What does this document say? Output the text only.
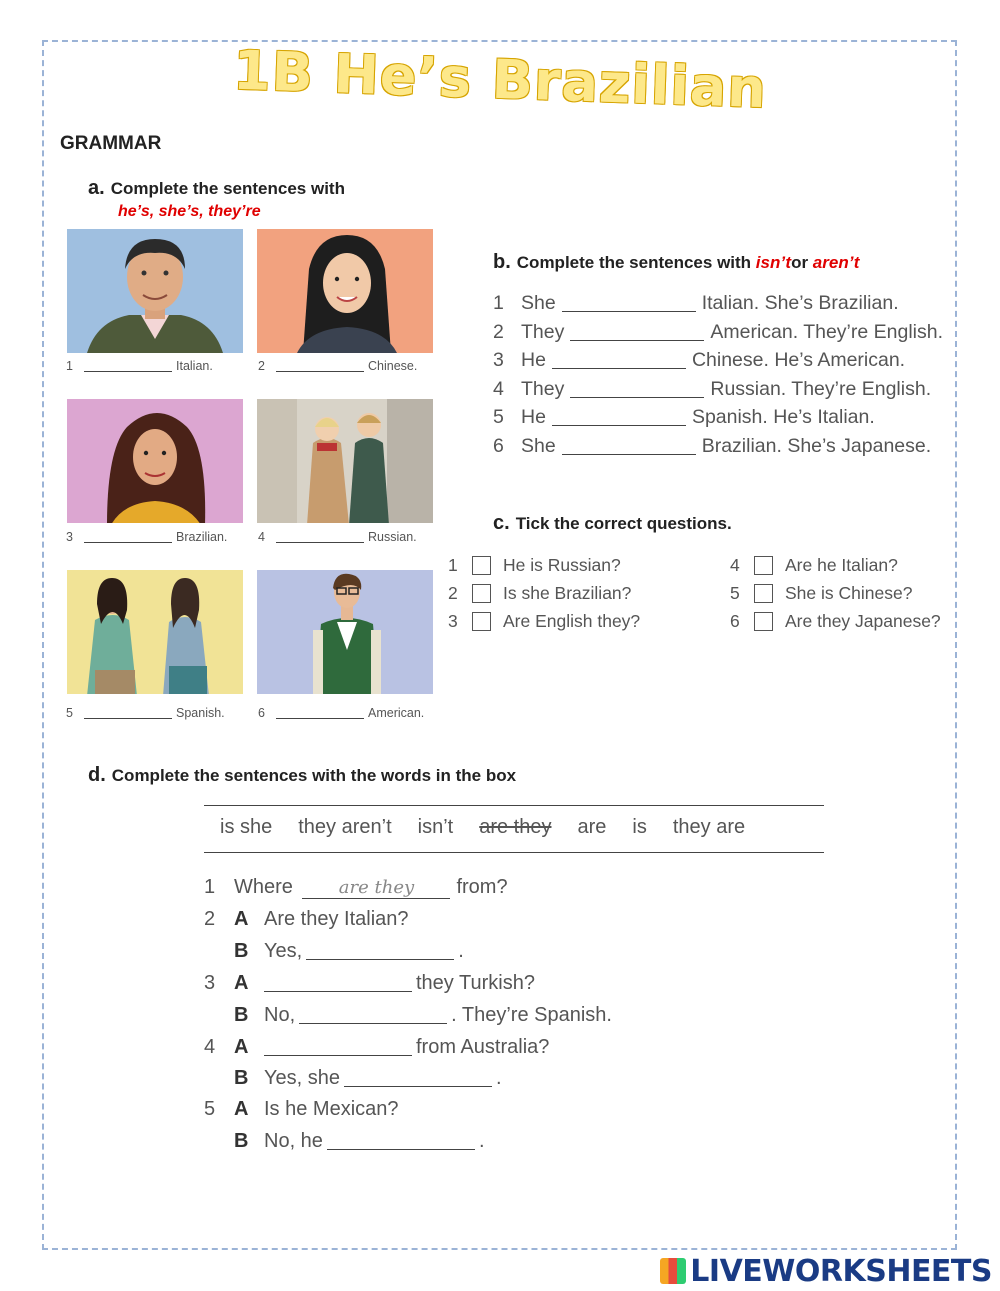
1B He’s Brazilian
GRAMMAR
a. Complete the sentences with
he’s, she’s, they’re
1	Italian.	2	Chinese.
3	Brazilian.	4	Russian.
5	Spanish.	6	American.
b. Complete the sentences with isn’tor aren’t
1 She	Italian. She’s Brazilian.
2 They	American. They’re English.
3 He	Chinese. He’s American.
4 They	Russian. They’re English.
5 He	Spanish. He’s Italian.
6 She	Brazilian. She’s Japanese.
c. Tick the correct questions.
1	He is Russian?
2	Is she Brazilian?
3	Are English they?
4	Are he Italian?
5	She is Chinese?
6	Are they Japanese?
d. Complete the sentences with the words in the box
is she they aren’t isn’t are they are is they are
1 Where	are they from?
2 A Are they Italian?
B Yes,	.
3 A	they Turkish?
B No,	. They’re Spanish.
4 A	from Australia?
B Yes, she	.
5 A Is he Mexican?
B No, he	.
LIVEWORKSHEETS
